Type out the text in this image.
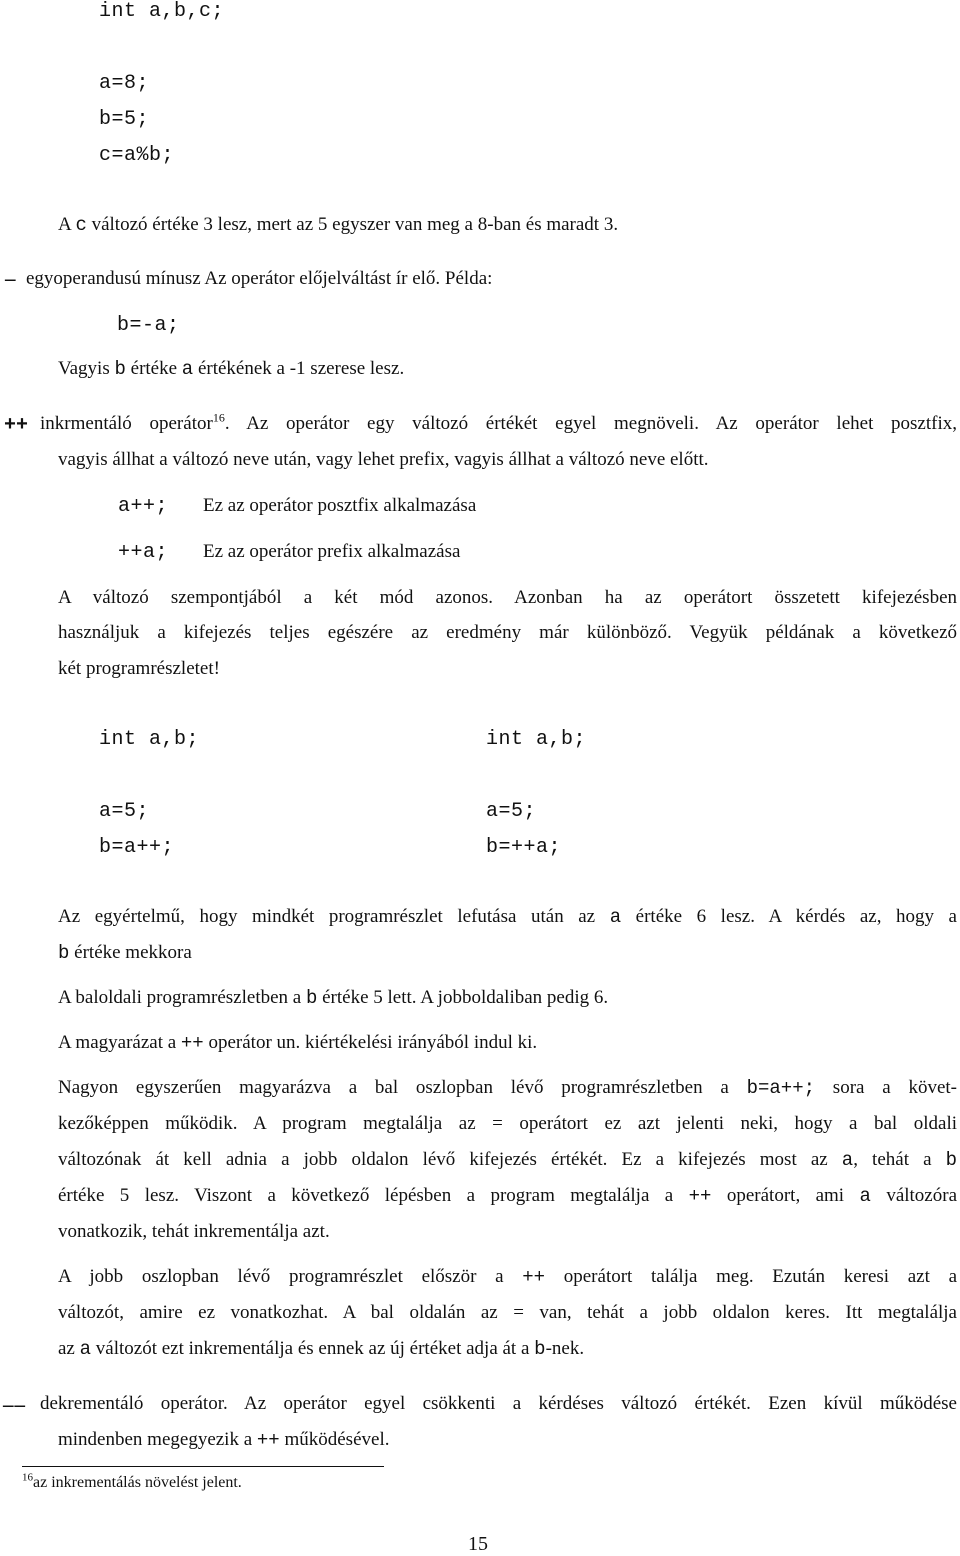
int a,b,c;
a=8;
b=5;
c=a%b;
A c változó értéke 3 lesz, mert az 5 egyszer van meg a 8-ban és maradt 3.
– egyoperandusú mínusz Az operátor előjelváltást ír elő. Példa:
b=-a;
Vagyis b értéke a értékének a -1 szerese lesz.
++ inkrmentáló operátor$^{16}$. Az operátor egy változó értékét egyel megnöveli. Az operátor lehet posztfix,
vagyis állhat a változó neve után, vagy lehet prefix, vagyis állhat a változó neve előtt.
a++; Ez az operátor posztfix alkalmazása
++a; Ez az operátor prefix alkalmazása
A változó szempontjából a két mód azonos. Azonban ha az operátort összetett kifejezésben
használjuk a kifejezés teljes egészére az eredmény már különböző. Vegyük példának a következő
két programrészletet!
int a,b;
a=5;
b=a++;
int a,b;
a=5;
b=++a;
Az egyértelmű, hogy mindkét programrészlet lefutása után az a értéke 6 lesz. A kérdés az, hogy a
b értéke mekkora
A baloldali programrészletben a b értéke 5 lett. A jobboldaliban pedig 6.
A magyarázat a ++ operátor un. kiértékelési irányából indul ki.
Nagyon egyszerűen magyarázva a bal oszlopban lévő programrészletben a b=a++; sora a követ-
kezőképpen működik. A program megtalálja az = operátort ez azt jelenti neki, hogy a bal oldali
változónak át kell adnia a jobb oldalon lévő kifejezés értékét. Ez a kifejezés most az a, tehát a b
értéke 5 lesz. Viszont a következő lépésben a program megtalálja a ++ operátort, ami a változóra
vonatkozik, tehát inkrementálja azt.
A jobb oszlopban lévő programrészlet először a ++ operátort találja meg. Ezután keresi azt a
változót, amire ez vonatkozhat. A bal oldalán az = van, tehát a jobb oldalon keres. Itt megtalálja
az a változót ezt inkrementálja és ennek az új értéket adja át a b-nek.
–– dekrementáló operátor. Az operátor egyel csökkenti a kérdéses változó értékét. Ezen kívül működése
mindenben megegyezik a ++ működésével.
$^{16}$az inkrementálás növelést jelent.
15
